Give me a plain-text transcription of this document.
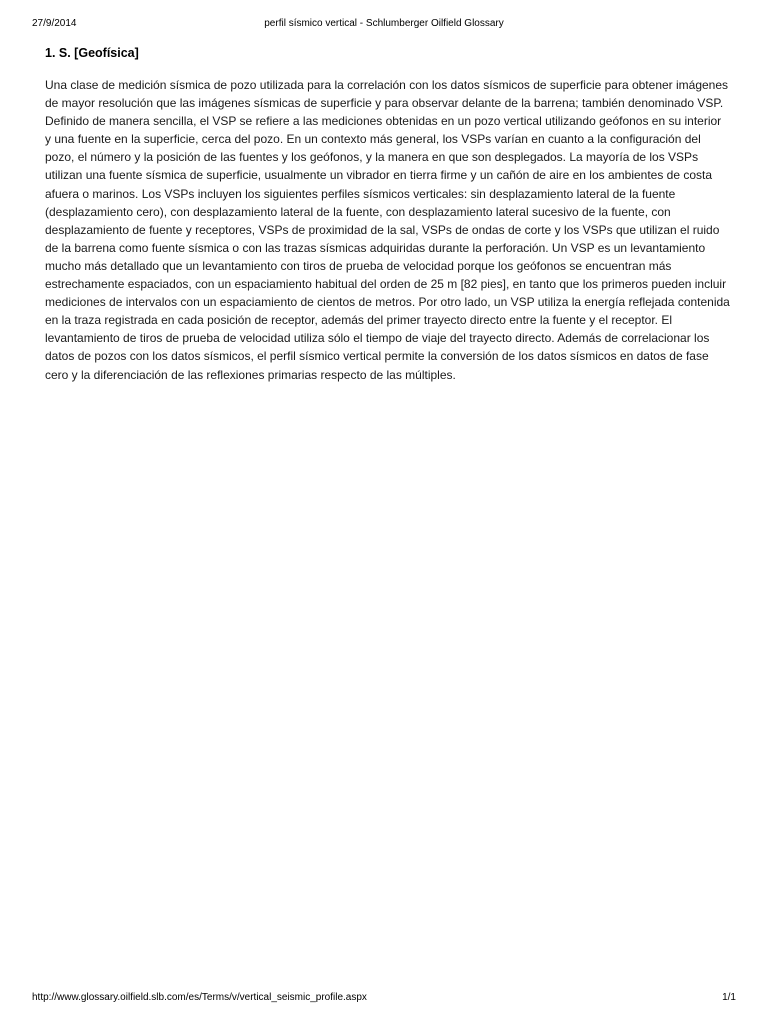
27/9/2014	perfil sísmico vertical - Schlumberger Oilfield Glossary
1. S. [Geofísica]

Una clase de medición sísmica de pozo utilizada para la correlación con los datos sísmicos de superficie para obtener imágenes de mayor resolución que las imágenes sísmicas de superficie y para observar delante de la barrena; también denominado VSP. Definido de manera sencilla, el VSP se refiere a las mediciones obtenidas en un pozo vertical utilizando geófonos en su interior y una fuente en la superficie, cerca del pozo. En un contexto más general, los VSPs varían en cuanto a la configuración del pozo, el número y la posición de las fuentes y los geófonos, y la manera en que son desplegados. La mayoría de los VSPs utilizan una fuente sísmica de superficie, usualmente un vibrador en tierra firme y un cañón de aire en los ambientes de costa afuera o marinos. Los VSPs incluyen los siguientes perfiles sísmicos verticales: sin desplazamiento lateral de la fuente (desplazamiento cero), con desplazamiento lateral de la fuente, con desplazamiento lateral sucesivo de la fuente, con desplazamiento de fuente y receptores, VSPs de proximidad de la sal, VSPs de ondas de corte y los VSPs que utilizan el ruido de la barrena como fuente sísmica o con las trazas sísmicas adquiridas durante la perforación. Un VSP es un levantamiento mucho más detallado que un levantamiento con tiros de prueba de velocidad porque los geófonos se encuentran más estrechamente espaciados, con un espaciamiento habitual del orden de 25 m [82 pies], en tanto que los primeros pueden incluir mediciones de intervalos con un espaciamiento de cientos de metros. Por otro lado, un VSP utiliza la energía reflejada contenida en la traza registrada en cada posición de receptor, además del primer trayecto directo entre la fuente y el receptor. El levantamiento de tiros de prueba de velocidad utiliza sólo el tiempo de viaje del trayecto directo. Además de correlacionar los datos de pozos con los datos sísmicos, el perfil sísmico vertical permite la conversión de los datos sísmicos en datos de fase cero y la diferenciación de las reflexiones primarias respecto de las múltiples.

http://www.glossary.oilfield.slb.com/es/Terms/v/vertical_seismic_profile.aspx	1/1
